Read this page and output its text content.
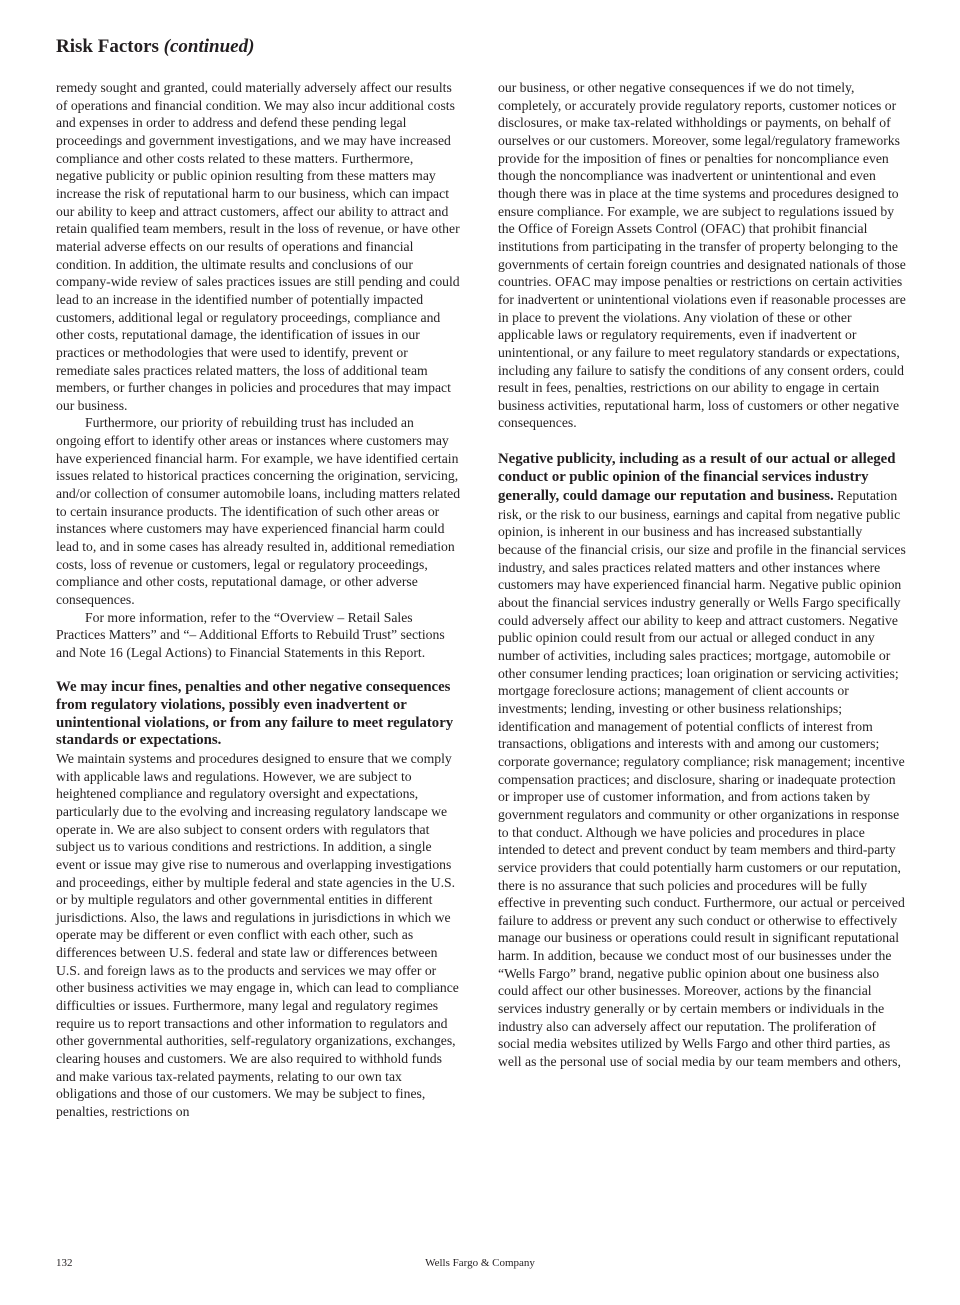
Risk Factors (continued)

remedy sought and granted, could materially adversely affect our results of operations and financial condition. We may also incur additional costs and expenses in order to address and defend these pending legal proceedings and government investigations, and we may have increased compliance and other costs related to these matters. Furthermore, negative publicity or public opinion resulting from these matters may increase the risk of reputational harm to our business, which can impact our ability to keep and attract customers, affect our ability to attract and retain qualified team members, result in the loss of revenue, or have other material adverse effects on our results of operations and financial condition. In addition, the ultimate results and conclusions of our company-wide review of sales practices issues are still pending and could lead to an increase in the identified number of potentially impacted customers, additional legal or regulatory proceedings, compliance and other costs, reputational damage, the identification of issues in our practices or methodologies that were used to identify, prevent or remediate sales practices related matters, the loss of additional team members, or further changes in policies and procedures that may impact our business.

Furthermore, our priority of rebuilding trust has included an ongoing effort to identify other areas or instances where customers may have experienced financial harm. For example, we have identified certain issues related to historical practices concerning the origination, servicing, and/or collection of consumer automobile loans, including matters related to certain insurance products. The identification of such other areas or instances where customers may have experienced financial harm could lead to, and in some cases has already resulted in, additional remediation costs, loss of revenue or customers, legal or regulatory proceedings, compliance and other costs, reputational damage, or other adverse consequences.

For more information, refer to the “Overview – Retail Sales Practices Matters” and “– Additional Efforts to Rebuild Trust” sections and Note 16 (Legal Actions) to Financial Statements in this Report.

We may incur fines, penalties and other negative consequences from regulatory violations, possibly even inadvertent or unintentional violations, or from any failure to meet regulatory standards or expectations.

We maintain systems and procedures designed to ensure that we comply with applicable laws and regulations. However, we are subject to heightened compliance and regulatory oversight and expectations, particularly due to the evolving and increasing regulatory landscape we operate in. We are also subject to consent orders with regulators that subject us to various conditions and restrictions. In addition, a single event or issue may give rise to numerous and overlapping investigations and proceedings, either by multiple federal and state agencies in the U.S. or by multiple regulators and other governmental entities in different jurisdictions. Also, the laws and regulations in jurisdictions in which we operate may be different or even conflict with each other, such as differences between U.S. federal and state law or differences between U.S. and foreign laws as to the products and services we may offer or other business activities we may engage in, which can lead to compliance difficulties or issues. Furthermore, many legal and regulatory regimes require us to report transactions and other information to regulators and other governmental authorities, self-regulatory organizations, exchanges, clearing houses and customers. We are also required to withhold funds and make various tax-related payments, relating to our own tax obligations and those of our customers. We may be subject to fines, penalties, restrictions on

our business, or other negative consequences if we do not timely, completely, or accurately provide regulatory reports, customer notices or disclosures, or make tax-related withholdings or payments, on behalf of ourselves or our customers. Moreover, some legal/regulatory frameworks provide for the imposition of fines or penalties for noncompliance even though the noncompliance was inadvertent or unintentional and even though there was in place at the time systems and procedures designed to ensure compliance. For example, we are subject to regulations issued by the Office of Foreign Assets Control (OFAC) that prohibit financial institutions from participating in the transfer of property belonging to the governments of certain foreign countries and designated nationals of those countries. OFAC may impose penalties or restrictions on certain activities for inadvertent or unintentional violations even if reasonable processes are in place to prevent the violations. Any violation of these or other applicable laws or regulatory requirements, even if inadvertent or unintentional, or any failure to meet regulatory standards or expectations, including any failure to satisfy the conditions of any consent orders, could result in fees, penalties, restrictions on our ability to engage in certain business activities, reputational harm, loss of customers or other negative consequences.

Negative publicity, including as a result of our actual or alleged conduct or public opinion of the financial services industry generally, could damage our reputation and business. Reputation risk, or the risk to our business, earnings and capital from negative public opinion, is inherent in our business and has increased substantially because of the financial crisis, our size and profile in the financial services industry, and sales practices related matters and other instances where customers may have experienced financial harm. Negative public opinion about the financial services industry generally or Wells Fargo specifically could adversely affect our ability to keep and attract customers. Negative public opinion could result from our actual or alleged conduct in any number of activities, including sales practices; mortgage, automobile or other consumer lending practices; loan origination or servicing activities; mortgage foreclosure actions; management of client accounts or investments; lending, investing or other business relationships; identification and management of potential conflicts of interest from transactions, obligations and interests with and among our customers; corporate governance; regulatory compliance; risk management; incentive compensation practices; and disclosure, sharing or inadequate protection or improper use of customer information, and from actions taken by government regulators and community or other organizations in response to that conduct. Although we have policies and procedures in place intended to detect and prevent conduct by team members and third-party service providers that could potentially harm customers or our reputation, there is no assurance that such policies and procedures will be fully effective in preventing such conduct. Furthermore, our actual or perceived failure to address or prevent any such conduct or otherwise to effectively manage our business or operations could result in significant reputational harm. In addition, because we conduct most of our businesses under the “Wells Fargo” brand, negative public opinion about one business also could affect our other businesses. Moreover, actions by the financial services industry generally or by certain members or individuals in the industry also can adversely affect our reputation. The proliferation of social media websites utilized by Wells Fargo and other third parties, as well as the personal use of social media by our team members and others,

132	Wells Fargo & Company
